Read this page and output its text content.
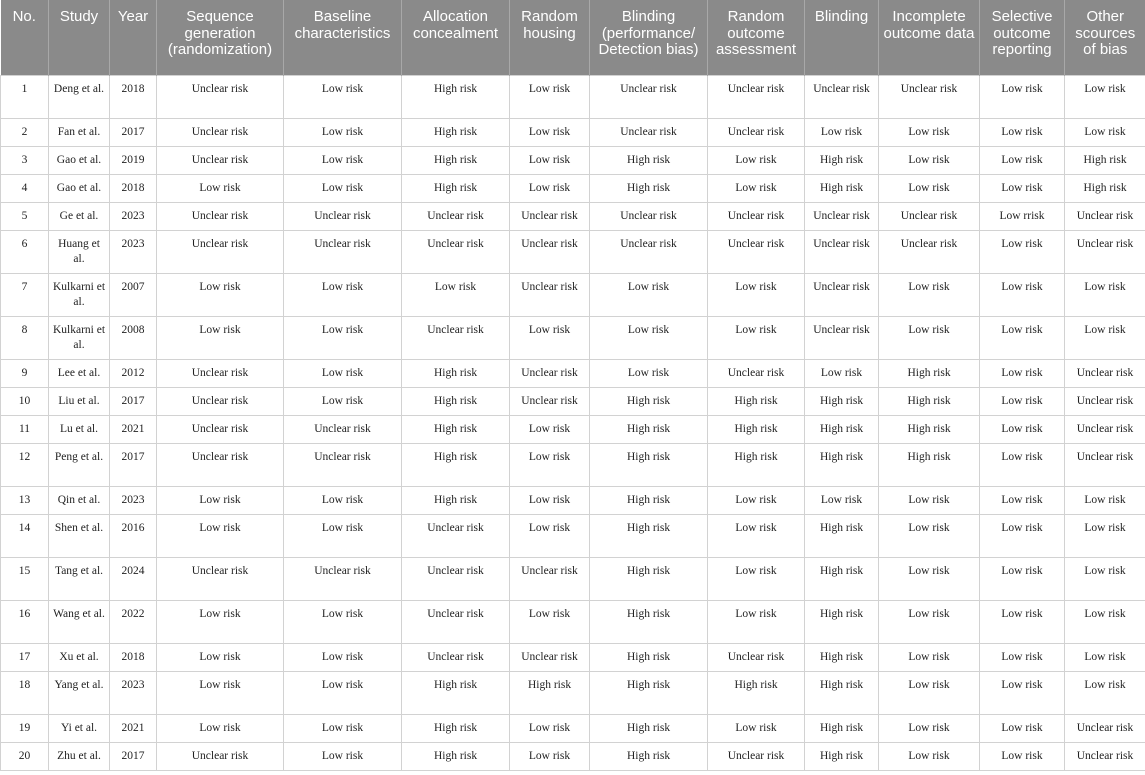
No.	Study	Year	Sequence generation (randomization)	Baseline characteristics	Allocation concealment	Random housing	Blinding (performance/ Detection bias)	Random outcome assessment	Blinding	Incomplete outcome data	Selective outcome reporting	Other scources of bias
1	Deng et al.	2018	Unclear risk	Low risk	High risk	Low risk	Unclear risk	Unclear risk	Unclear risk	Unclear risk	Low risk	Low risk
2	Fan et al.	2017	Unclear risk	Low risk	High risk	Low risk	Unclear risk	Unclear risk	Low risk	Low risk	Low risk	Low risk
3	Gao et al.	2019	Unclear risk	Low risk	High risk	Low risk	High risk	Low risk	High risk	Low risk	Low risk	High risk
4	Gao et al.	2018	Low risk	Low risk	High risk	Low risk	High risk	Low risk	High risk	Low risk	Low risk	High risk
5	Ge et al.	2023	Unclear risk	Unclear risk	Unclear risk	Unclear risk	Unclear risk	Unclear risk	Unclear risk	Unclear risk	Low rrisk	Unclear risk
6	Huang et al.	2023	Unclear risk	Unclear risk	Unclear risk	Unclear risk	Unclear risk	Unclear risk	Unclear risk	Unclear risk	Low risk	Unclear risk
7	Kulkarni et al.	2007	Low risk	Low risk	Low risk	Unclear risk	Low risk	Low risk	Unclear risk	Low risk	Low risk	Low risk
8	Kulkarni et al.	2008	Low risk	Low risk	Unclear risk	Low risk	Low risk	Low risk	Unclear risk	Low risk	Low risk	Low risk
9	Lee et al.	2012	Unclear risk	Low risk	High risk	Unclear risk	Low risk	Unclear risk	Low risk	High risk	Low risk	Unclear risk
10	Liu et al.	2017	Unclear risk	Low risk	High risk	Unclear risk	High risk	High risk	High risk	High risk	Low risk	Unclear risk
11	Lu et al.	2021	Unclear risk	Unclear risk	High risk	Low risk	High risk	High risk	High risk	High risk	Low risk	Unclear risk
12	Peng et al.	2017	Unclear risk	Unclear risk	High risk	Low risk	High risk	High risk	High risk	High risk	Low risk	Unclear risk
13	Qin et al.	2023	Low risk	Low risk	High risk	Low risk	High risk	Low risk	Low risk	Low risk	Low risk	Low risk
14	Shen et al.	2016	Low risk	Low risk	Unclear risk	Low risk	High risk	Low risk	High risk	Low risk	Low risk	Low risk
15	Tang et al.	2024	Unclear risk	Unclear risk	Unclear risk	Unclear risk	High risk	Low risk	High risk	Low risk	Low risk	Low risk
16	Wang et al.	2022	Low risk	Low risk	Unclear risk	Low risk	High risk	Low risk	High risk	Low risk	Low risk	Low risk
17	Xu et al.	2018	Low risk	Low risk	Unclear risk	Unclear risk	High risk	Unclear risk	High risk	Low risk	Low risk	Low risk
18	Yang et al.	2023	Low risk	Low risk	High risk	High risk	High risk	High risk	High risk	Low risk	Low risk	Low risk
19	Yi et al.	2021	Low risk	Low risk	High risk	Low risk	High risk	Low risk	High risk	Low risk	Low risk	Unclear risk
20	Zhu et al.	2017	Unclear risk	Low risk	High risk	Low risk	High risk	Unclear risk	High risk	Low risk	Low risk	Unclear risk
